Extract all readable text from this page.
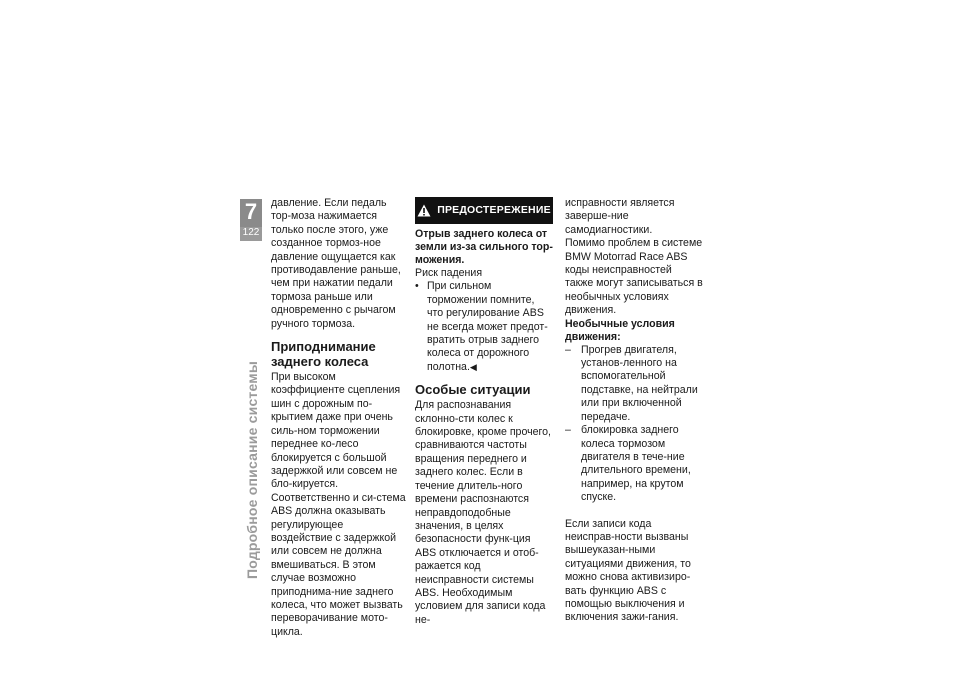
7
122
Подробное описание системы

давление. Если педаль тор-моза нажимается только после этого, уже созданное тормоз-ное давление ощущается как противодавление раньше, чем при нажатии педали тормоза раньше или одновременно с рычагом ручного тормоза.

Приподнимание заднего колеса

При высоком коэффициенте сцепления шин с дорожным по-крытием даже при очень силь-ном торможении переднее ко-лесо блокируется с большой задержкой или совсем не бло-кируется. Соответственно и си-стема ABS должна оказывать регулирующее воздействие с задержкой или совсем не должна вмешиваться. В этом случае возможно приподнима-ние заднего колеса, что может вызвать переворачивание мото-цикла.

ПРЕДОСТЕРЕЖЕНИЕ
Отрыв заднего колеса от земли из-за сильного тор-можения.

Риск падения

• При сильном торможении помните, что регулирование ABS не всегда может предот-вратить отрыв заднего колеса от дорожного полотна.◀
Особые ситуации

Для распознавания склонно-сти колес к блокировке, кроме прочего, сравниваются частоты вращения переднего и заднего колес. Если в течение длитель-ного времени распознаются неправдоподобные значения, в целях безопасности функ-ция ABS отключается и отоб-ражается код неисправности системы ABS. Необходимым условием для записи кода не-

исправности является заверше-ние самодиагностики.

Помимо проблем в системе BMW Motorrad Race ABS коды неисправностей также могут записываться в необычных условиях движения.

Необычные условия движения:
– Прогрев двигателя, установ-ленного на вспомогательной подставке, на нейтрали или при включенной передаче.
– блокировка заднего колеса тормозом двигателя в тече-ние длительного времени, например, на крутом спуске.

Если записи кода неисправ-ности вызваны вышеуказан-ными ситуациями движения, то можно снова активизиро-вать функцию ABS с помощью выключения и включения зажи-гания.
